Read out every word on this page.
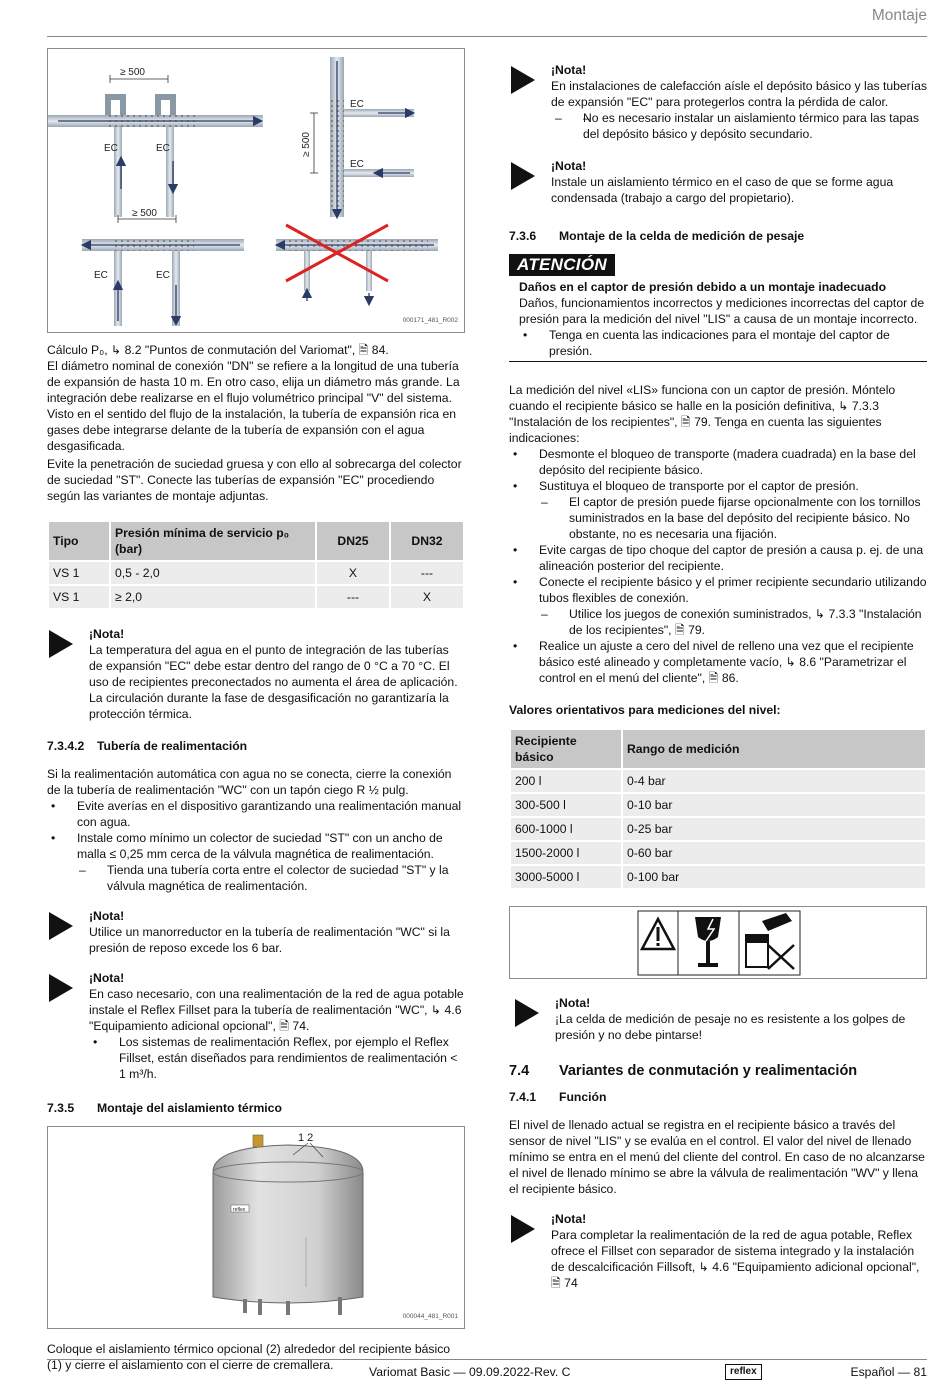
Montaje
≥ 500
EC	EC	≥ 500
EC
EC
≥ 500
EC	EC
000171_481_R002

Cálculo P₀, ↳ 8.2 "Puntos de conmutación del Variomat", 🗎 84.

El diámetro nominal de conexión "DN" se refiere a la longitud de una tubería de expansión de hasta 10 m. En otro caso, elija un diámetro más grande. La integración debe realizarse en el flujo volumétrico principal "V" del sistema. Visto en el sentido del flujo de la instalación, la tubería de expansión rica en gases debe integrarse delante de la tubería de expansión con el agua desgasificada.

Evite la penetración de suciedad gruesa y con ello al sobrecarga del colector de suciedad "ST". Conecte las tuberías de expansión "EC" procediendo según las variantes de montaje adjuntas.

Tipo	Presión mínima de servicio p₀ (bar)	DN25	DN32
VS 1	0,5 - 2,0	X	---
VS 1	≥ 2,0	---	X

¡Nota!

La temperatura del agua en el punto de integración de las tuberías de expansión "EC" debe estar dentro del rango de 0 °C a 70 °C. El uso de recipientes preconectados no aumenta el área de aplicación. La circulación durante la fase de desgasificación no garantizaría la protección térmica.

7.3.4.2	Tubería de realimentación

Si la realimentación automática con agua no se conecta, cierre la conexión de la tubería de realimentación "WC" con un tapón ciego R ½ pulg.

• Evite averías en el dispositivo garantizando una realimentación manual con agua.

• Instale como mínimo un colector de suciedad "ST" con un ancho de malla ≤ 0,25 mm cerca de la válvula magnética de realimentación.

– Tienda una tubería corta entre el colector de suciedad "ST" y la válvula magnética de realimentación.

¡Nota!

Utilice un manorreductor en la tubería de realimentación "WC" si la presión de reposo excede los 6 bar.

¡Nota!

En caso necesario, con una realimentación de la red de agua potable instale el Reflex Fillset para la tubería de realimentación "WC", ↳ 4.6 "Equipamiento adicional opcional", 🗎 74.

• Los sistemas de realimentación Reflex, por ejemplo el Reflex Fillset, están diseñados para rendimientos de realimentación < 1 m³/h.

7.3.5	Montaje del aislamiento térmico
1 2
reflex
000044_481_R001

Coloque el aislamiento térmico opcional (2) alrededor del recipiente básico (1) y cierre el aislamiento con el cierre de cremallera.

¡Nota!

En instalaciones de calefacción aísle el depósito básico y las tuberías de expansión "EC" para protegerlos contra la pérdida de calor.

– – No es necesario instalar un aislamiento térmico para las tapas del depósito básico y depósito secundario.

¡Nota!

Instale un aislamiento térmico en el caso de que se forme agua condensada (trabajo a cargo del propietario).

7.3.6	Montaje de la celda de medición de pesaje
ATENCIÓN

Daños en el captor de presión debido a un montaje inadecuado

Daños, funcionamientos incorrectos y mediciones incorrectas del captor de presión para la medición del nivel "LIS" a causa de un montaje incorrecto.

• Tenga en cuenta las indicaciones para el montaje del captor de presión.

La medición del nivel «LIS» funciona con un captor de presión. Móntelo cuando el recipiente básico se halle en la posición definitiva, ↳ 7.3.3 "Instalación de los recipientes", 🗎 79. Tenga en cuenta las siguientes indicaciones:

• Desmonte el bloqueo de transporte (madera cuadrada) en la base del depósito del recipiente básico.

• Sustituya el bloqueo de transporte por el captor de presión.

– El captor de presión puede fijarse opcionalmente con los tornillos suministrados en la base del depósito del recipiente básico. No obstante, no es necesaria una fijación.

• Evite cargas de tipo choque del captor de presión a causa p. ej. de una alineación posterior del recipiente.

• Conecte el recipiente básico y el primer recipiente secundario utilizando tubos flexibles de conexión.

– Utilice los juegos de conexión suministrados, ↳ 7.3.3 "Instalación de los recipientes", 🗎 79.

• Realice un ajuste a cero del nivel de relleno una vez que el recipiente básico esté alineado y completamente vacío, ↳ 8.6 "Parametrizar el control en el menú del cliente", 🗎 86.

Valores orientativos para mediciones del nivel:

Recipiente básico	Rango de medición
200 l	0-4 bar
300-500 l	0-10 bar
600-1000 l	0-25 bar
1500-2000 l	0-60 bar
3000-5000 l	0-100 bar

¡Nota!

¡La celda de medición de pesaje no es resistente a los golpes de presión y no debe pintarse!

7.4	Variantes de conmutación y realimentación
7.4.1	Función

El nivel de llenado actual se registra en el recipiente básico a través del sensor de nivel "LIS" y se evalúa en el control. El valor del nivel de llenado mínimo se entra en el menú del cliente del control. En caso de no alcanzarse el nivel de llenado mínimo se abre la válvula de realimentación "WV" y llena el recipiente básico.

¡Nota!

Para completar la realimentación de la red de agua potable, Reflex ofrece el Fillset con separador de sistema integrado y la instalación de descalcificación Fillsoft, ↳ 4.6 "Equipamiento adicional opcional", 🗎 74

Variomat Basic — 09.09.2022-Rev. C	reflex	Español — 81
